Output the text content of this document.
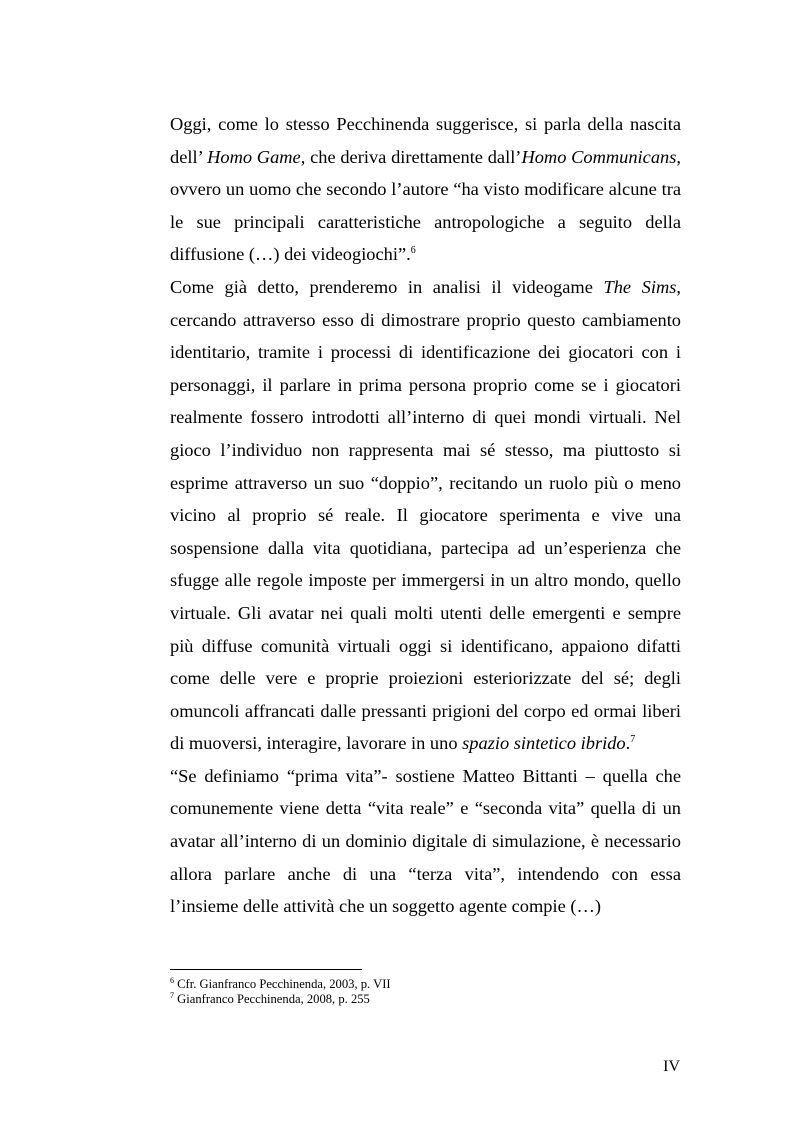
Oggi, come lo stesso Pecchinenda suggerisce, si parla della nascita dell’ Homo Game, che deriva direttamente dall’Homo Communicans, ovvero un uomo che secondo l’autore “ha visto modificare alcune tra le sue principali caratteristiche antropologiche a seguito della diffusione (…) dei videogiochi”.$^6$

Come già detto, prenderemo in analisi il videogame The Sims, cercando attraverso esso di dimostrare proprio questo cambiamento identitario, tramite i processi di identificazione dei giocatori con i personaggi, il parlare in prima persona proprio come se i giocatori realmente fossero introdotti all’interno di quei mondi virtuali. Nel gioco l’individuo non rappresenta mai sé stesso, ma piuttosto si esprime attraverso un suo “doppio”, recitando un ruolo più o meno vicino al proprio sé reale. Il giocatore sperimenta e vive una sospensione dalla vita quotidiana, partecipa ad un’esperienza che sfugge alle regole imposte per immergersi in un altro mondo, quello virtuale. Gli avatar nei quali molti utenti delle emergenti e sempre più diffuse comunità virtuali oggi si identificano, appaiono difatti come delle vere e proprie proiezioni esteriorizzate del sé; degli omuncoli affrancati dalle pressanti prigioni del corpo ed ormai liberi di muoversi, interagire, lavorare in uno spazio sintetico ibrido.$^7$

“Se definiamo “prima vita”- sostiene Matteo Bittanti – quella che comunemente viene detta “vita reale” e “seconda vita” quella di un avatar all’interno di un dominio digitale di simulazione, è necessario allora parlare anche di una “terza vita”, intendendo con essa l’insieme delle attività che un soggetto agente compie (…)

$^6$ Cfr. Gianfranco Pecchinenda, 2003, p. VII

$^7$ Gianfranco Pecchinenda, 2008, p. 255

IV
